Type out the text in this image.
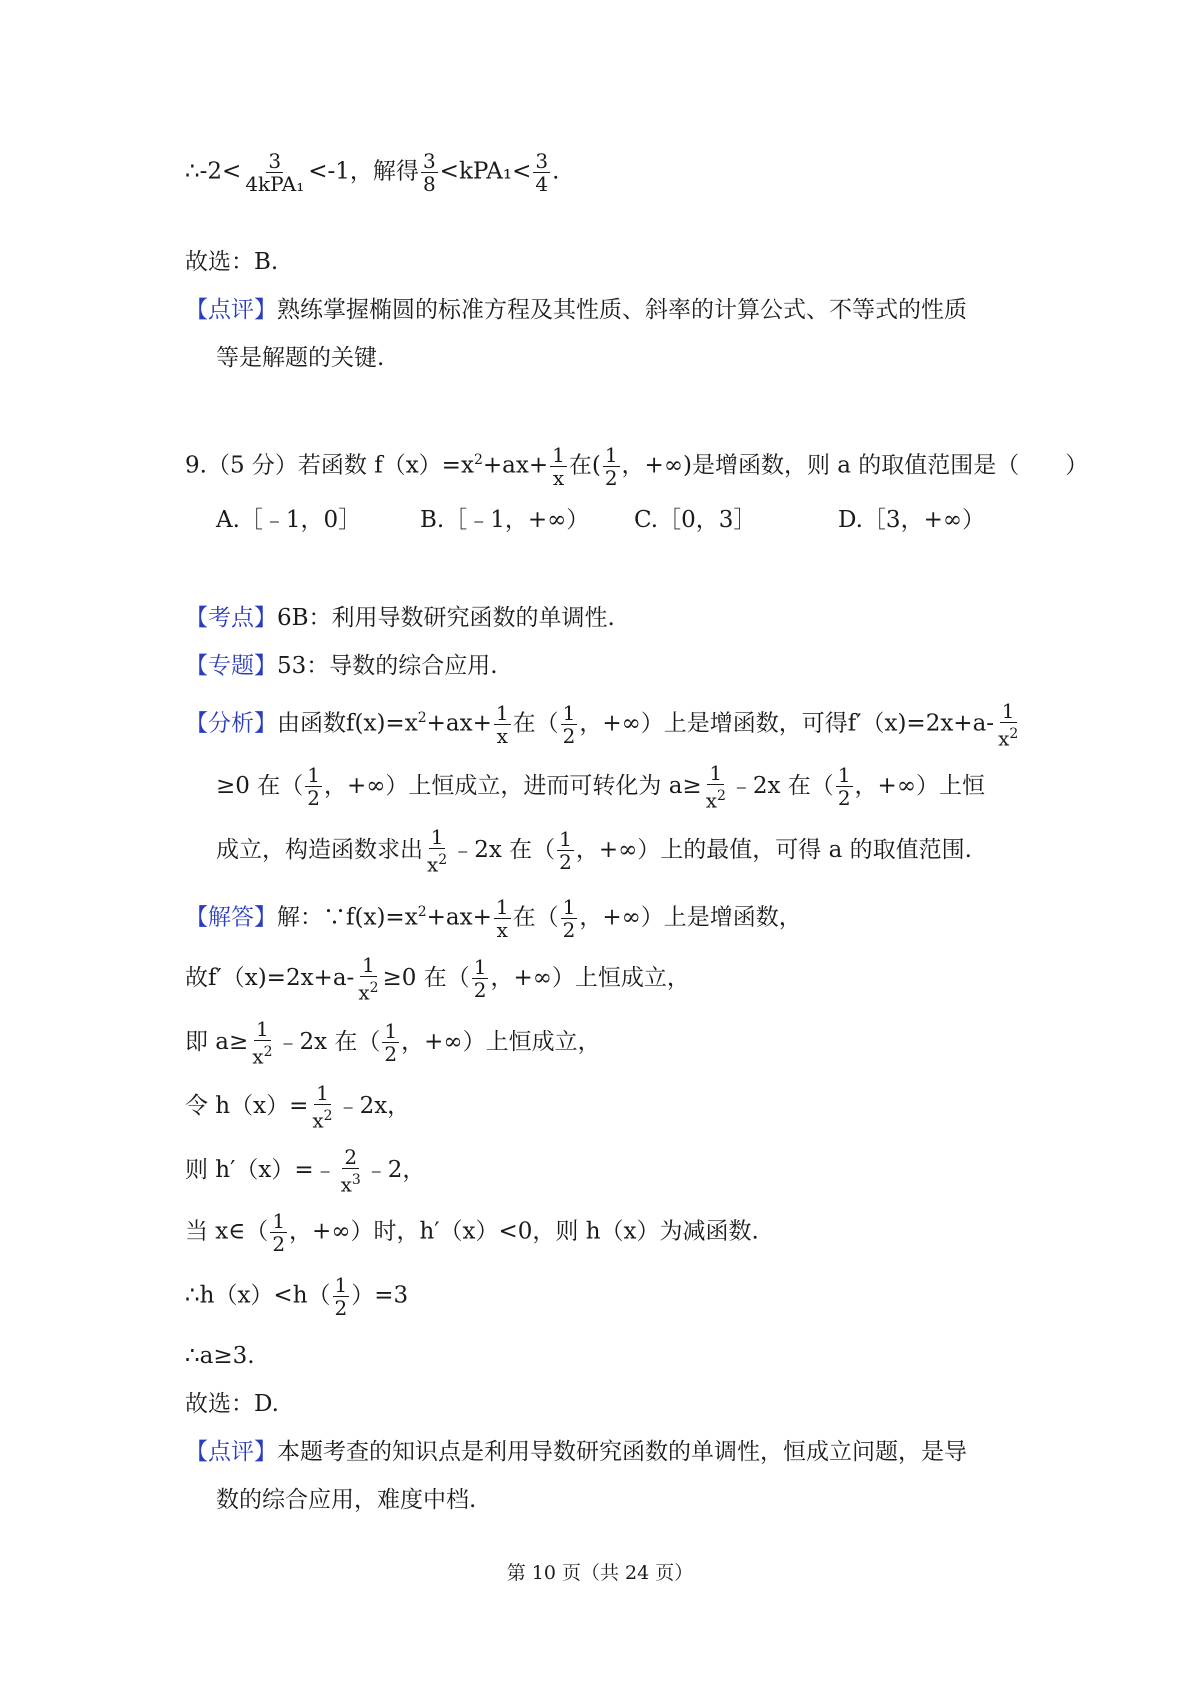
∴-2< $\frac{3}{\text{4kPA₁}} <-1$，解得 $\frac{3}{8} <kPA_1< \frac{3}{4}$ .
故选：B.
【点评】熟练掌握椭圆的标准方程及其性质、斜率的计算公式、不等式的性质
等是解题的关键.
9.（5 分）若函数 $f(x)=x^2+ax+ \frac{1}{x}$ 在( $\frac{1}{2}$ ，+∞)是增函数，则 a 的取值范围是（　　）
A.［﹣1，0］	B.［﹣1，+∞） C.［0，3］	D.［3，+∞）
【考点】6B：利用导数研究函数的单调性.
【专题】53：导数的综合应用.
【分析】由函数$f(x)=x^2+ax+ \frac{1}{x}$ 在（ $\frac{1}{2}$ ，+∞）上是增函数，可得$f'(x)=2x+a- \frac{1}{x^2}$
≥0 在（ $\frac{1}{2}$ ，+∞）上恒成立，进而可转化为 $a\ge \frac{1}{x^2}$ ﹣2x 在（ $\frac{1}{2}$ ，+∞）上恒
成立，构造函数求出 $\frac{1}{x^2}$ ﹣2x 在（ $\frac{1}{2}$ ，+∞）上的最值，可得 a 的取值范围.
【解答】解：$\because f(x)=x^2+ax+ \frac{1}{x}$ 在（ $\frac{1}{2}$ ，+∞）上是增函数，
故$f'(x)=2x+a- \frac{1}{x^2} \ge 0$ 在（ $\frac{1}{2}$ ，+∞）上恒成立，
即 $a\ge \frac{1}{x^2}$ ﹣2x 在（ $\frac{1}{2}$ ，+∞）上恒成立，
令 $h(x)= \frac{1}{x^2}$ ﹣2x，
则 h′（x）=﹣ $\frac{2}{x^3}$ ﹣2，
当 x∈（ $\frac{1}{2}$ ，+∞）时，h′（x）<0，则 h（x）为减函数.
∴h（x）<h（ $\frac{1}{2} )=3$
∴a≥3.
故选：D.
【点评】本题考查的知识点是利用导数研究函数的单调性，恒成立问题，是导
数的综合应用，难度中档.
第 10 页（共 24 页）
